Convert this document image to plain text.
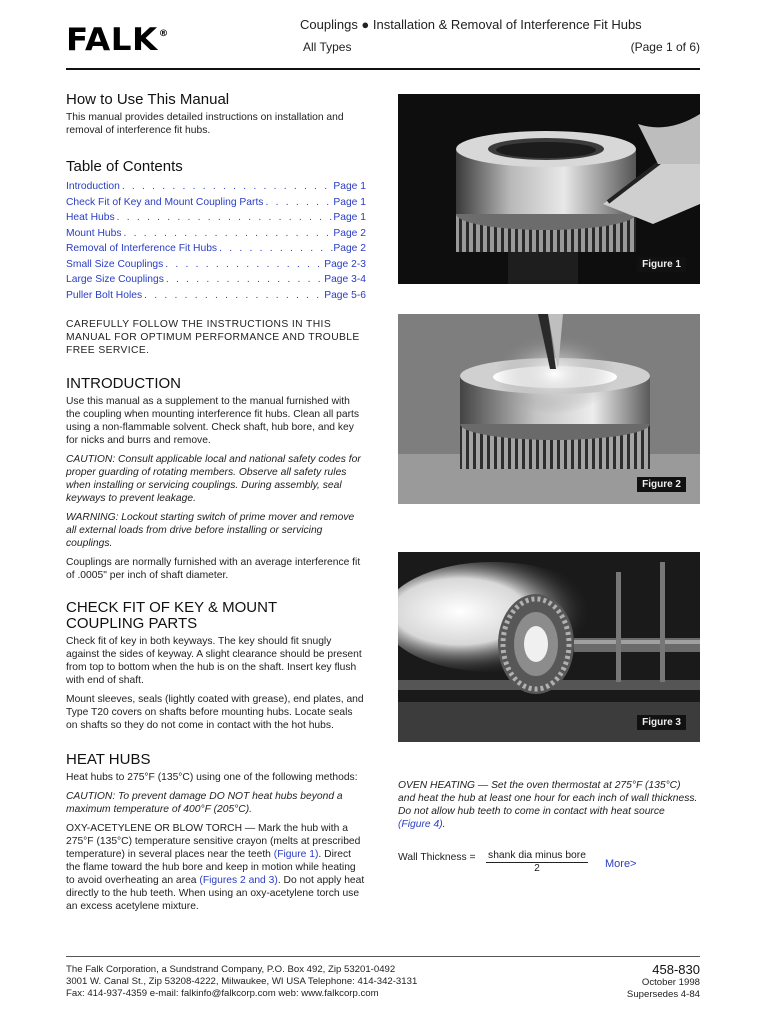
FALK®
Couplings ● Installation & Removal of Interference Fit Hubs
All Types	(Page 1 of 6)
How to Use This Manual

This manual provides detailed instructions on installation and removal of interference fit hubs.

Table of Contents
Introduction . . .	Page 1
Check Fit of Key and Mount Coupling Parts . . .	Page 1
Heat Hubs . . .	Page 1
Mount Hubs . . .	Page 2
Removal of Interference Fit Hubs . . .	Page 2
Small Size Couplings . . .	Page 2-3
Large Size Couplings . . .	Page 3-4
Puller Bolt Holes . . .	Page 5-6
CAREFULLY FOLLOW THE INSTRUCTIONS IN THIS MANUAL FOR OPTIMUM PERFORMANCE AND TROUBLE FREE SERVICE.
INTRODUCTION

Use this manual as a supplement to the manual furnished with the coupling when mounting interference fit hubs. Clean all parts using a non-flammable solvent. Check shaft, hub bore, and key for nicks and burrs and remove.

CAUTION: Consult applicable local and national safety codes for proper guarding of rotating members. Observe all safety rules when installing or servicing couplings. During assembly, seal keyways to prevent leakage.

WARNING: Lockout starting switch of prime mover and remove all external loads from drive before installing or servicing couplings.

Couplings are normally furnished with an average interference fit of .0005" per inch of shaft diameter.

CHECK FIT OF KEY & MOUNT
COUPLING PARTS

Check fit of key in both keyways. The key should fit snugly against the sides of keyway. A slight clearance should be present from top to bottom when the hub is on the shaft. Insert key flush with end of shaft.

Mount sleeves, seals (lightly coated with grease), end plates, and Type T20 covers on shafts before mounting hubs. Locate seals on shafts so they do not come in contact with the hot hubs.

HEAT HUBS

Heat hubs to 275°F (135°C) using one of the following methods:

CAUTION: To prevent damage DO NOT heat hubs beyond a maximum temperature of 400°F (205°C).

OXY-ACETYLENE OR BLOW TORCH — Mark the hub with a 275°F (135°C) temperature sensitive crayon (melts at prescribed temperature) in several places near the teeth (Figure 1). Direct the flame toward the hub bore and keep in motion while heating to avoid overheating an area (Figures 2 and 3). Do not apply heat directly to the hub teeth. When using an oxy-acetylene torch use an excess acetylene mixture.

Figure 1
Figure 2
Figure 3
OVEN HEATING — Set the oven thermostat at 275°F (135°C) and heat the hub at least one hour for each inch of wall thickness. Do not allow hub teeth to come in contact with heat source (Figure 4).
Wall Thickness =	shank dia minus bore
2	More>
The Falk Corporation, a Sundstrand Company, P.O. Box 492, Zip 53201-0492
3001 W. Canal St., Zip 53208-4222, Milwaukee, WI USA Telephone: 414-342-3131
Fax: 414-937-4359 e-mail: falkinfo@falkcorp.com web: www.falkcorp.com
458-830
October 1998
Supersedes 4-84
